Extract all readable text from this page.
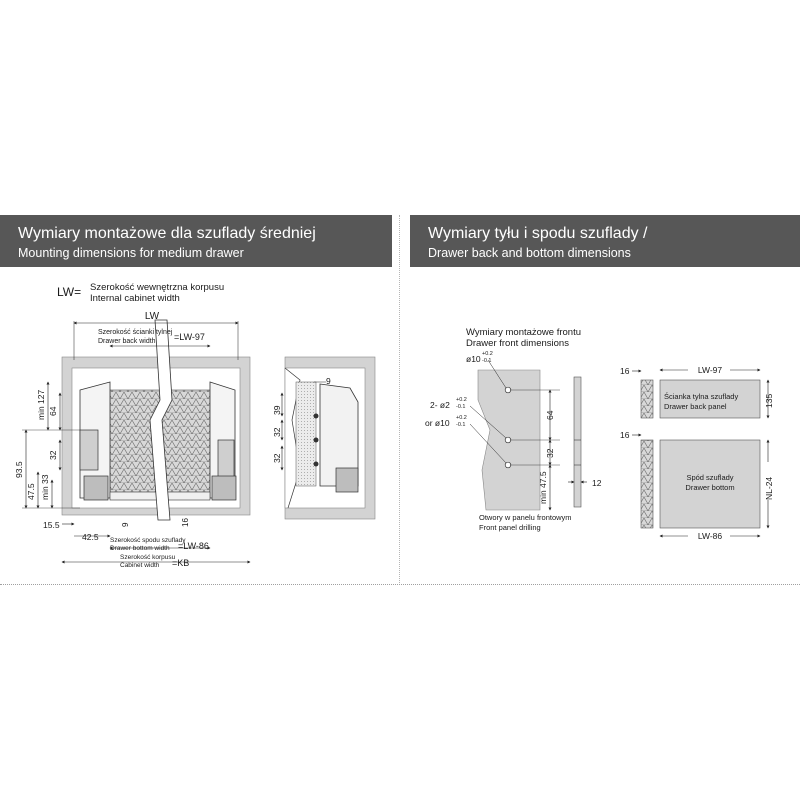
Wymiary montażowe dla szuflady średniej
Mounting dimensions for medium drawer
Wymiary tyłu i spodu szuflady /
Drawer back and bottom dimensions
LW= Szerokość wewnętrzna korpusu
Internal cabinet width
LW
Szerokość ścianki tylnej
Drawer back width =LW-97
min 127 64
32
93.5
47.5 min 33
15.5
42.5
9	16
Szerokość spodu szuflady
Drawer bottom width =LW-86
Szerokość korpusu
Cabinet width =KB
9
39
32
32
Wymiary montażowe frontu
Drawer front dimensions
ø10 +0.2
-0.1
2- ø2 +0.2
-0.1
or ø10 +0.2
-0.1
64
32
min 47.5	12
Otwory w panelu frontowym
Front panel drilling
16	LW-97
135
Ścianka tylna szuflady
Drawer back panel
16
Spód szuflady
Drawer bottom	NL-24
LW-86
